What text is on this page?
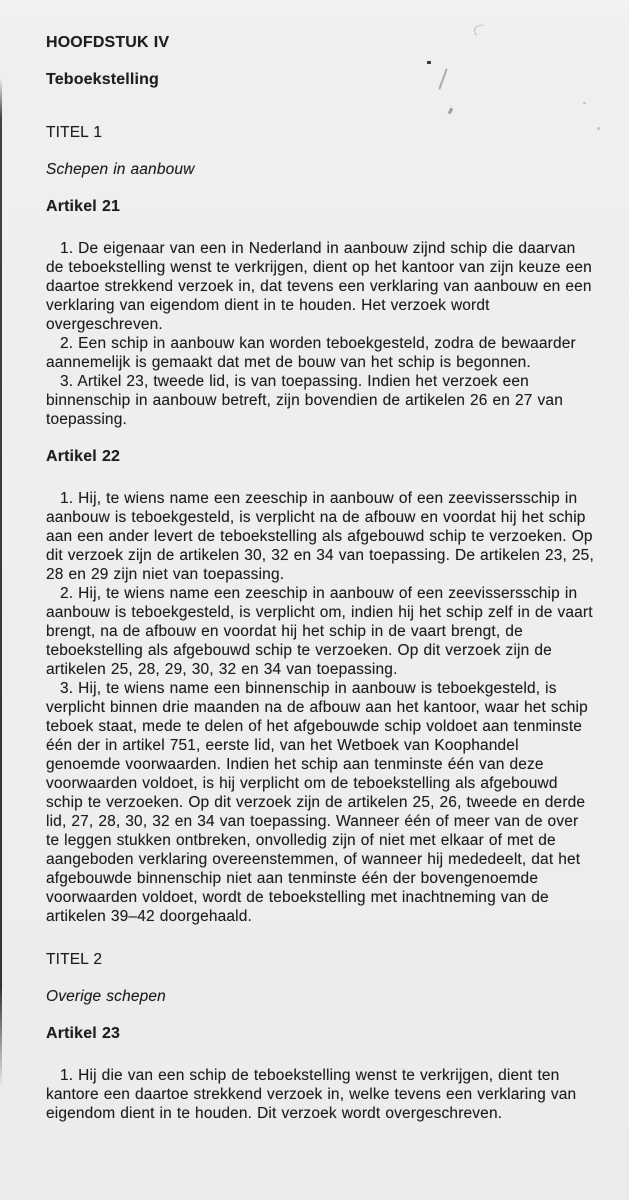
HOOFDSTUK IV
Teboekstelling
TITEL 1
Schepen in aanbouw
Artikel 21

1. De eigenaar van een in Nederland in aanbouw zijnd schip die daarvan de teboekstelling wenst te verkrijgen, dient op het kantoor van zijn keuze een daartoe strekkend verzoek in, dat tevens een verklaring van aanbouw en een verklaring van eigendom dient in te houden. Het verzoek wordt overgeschreven.

2. Een schip in aanbouw kan worden teboekgesteld, zodra de bewaarder aannemelijk is gemaakt dat met de bouw van het schip is begonnen.

3. Artikel 23, tweede lid, is van toepassing. Indien het verzoek een binnenschip in aanbouw betreft, zijn bovendien de artikelen 26 en 27 van toepassing.

Artikel 22

1. Hij, te wiens name een zeeschip in aanbouw of een zeevissersschip in aanbouw is teboekgesteld, is verplicht na de afbouw en voordat hij het schip aan een ander levert de teboekstelling als afgebouwd schip te verzoeken. Op dit verzoek zijn de artikelen 30, 32 en 34 van toepassing. De artikelen 23, 25, 28 en 29 zijn niet van toepassing.

2. Hij, te wiens name een zeeschip in aanbouw of een zeevissersschip in aanbouw is teboekgesteld, is verplicht om, indien hij het schip zelf in de vaart brengt, na de afbouw en voordat hij het schip in de vaart brengt, de teboekstelling als afgebouwd schip te verzoeken. Op dit verzoek zijn de artikelen 25, 28, 29, 30, 32 en 34 van toepassing.

3. Hij, te wiens name een binnenschip in aanbouw is teboekgesteld, is verplicht binnen drie maanden na de afbouw aan het kantoor, waar het schip teboek staat, mede te delen of het afgebouwde schip voldoet aan tenminste één der in artikel 751, eerste lid, van het Wetboek van Koophandel genoemde voorwaarden. Indien het schip aan tenminste één van deze voorwaarden voldoet, is hij verplicht om de teboekstelling als afgebouwd schip te verzoeken. Op dit verzoek zijn de artikelen 25, 26, tweede en derde lid, 27, 28, 30, 32 en 34 van toepassing. Wanneer één of meer van de over te leggen stukken ontbreken, onvolledig zijn of niet met elkaar of met de aangeboden verklaring overeenstemmen, of wanneer hij mededeelt, dat het afgebouwde binnenschip niet aan tenminste één der bovengenoemde voorwaarden voldoet, wordt de teboekstelling met inachtneming van de artikelen 39–42 doorgehaald.

TITEL 2
Overige schepen
Artikel 23

1. Hij die van een schip de teboekstelling wenst te verkrijgen, dient ten kantore een daartoe strekkend verzoek in, welke tevens een verklaring van eigendom dient in te houden. Dit verzoek wordt overgeschreven.
